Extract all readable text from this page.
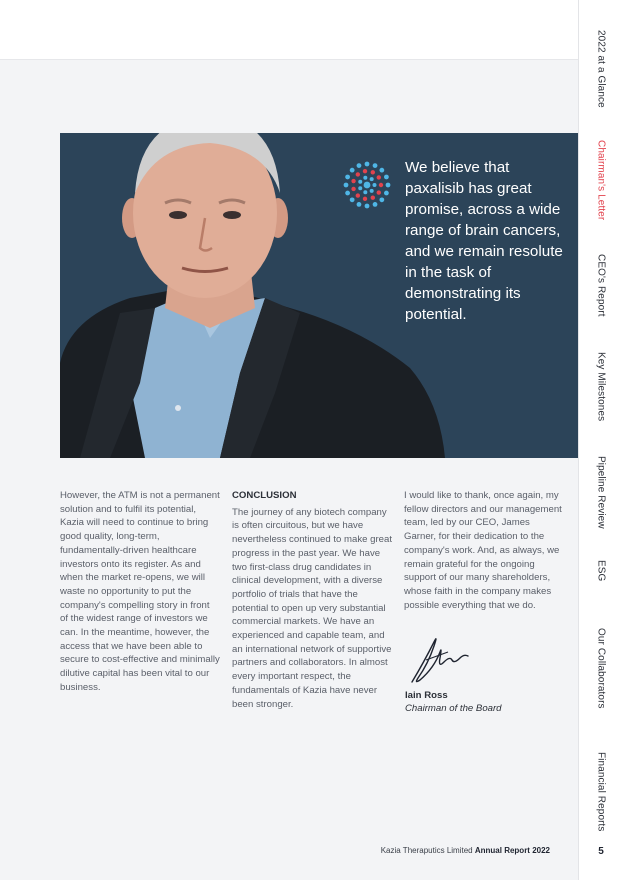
We believe that paxalisib has great promise, across a wide range of brain cancers, and we remain resolute in the task of demonstrating its potential.

However, the ATM is not a permanent solution and to fulfil its potential, Kazia will need to continue to bring good quality, long-term, fundamentally-driven healthcare investors onto its register. As and when the market re-opens, we will waste no opportunity to put the company's compelling story in front of the widest range of investors we can. In the meantime, however, the access that we have been able to secure to cost-effective and minimally dilutive capital has been vital to our business.

CONCLUSION

The journey of any biotech company is often circuitous, but we have nevertheless continued to make great progress in the past year. We have two first-class drug candidates in clinical development, with a diverse portfolio of trials that have the potential to open up very substantial commercial markets. We have an experienced and capable team, and an international network of supportive partners and collaborators. In almost every important respect, the fundamentals of Kazia have never been stronger.

I would like to thank, once again, my fellow directors and our management team, led by our CEO, James Garner, for their dedication to the company's work. And, as always, we remain grateful for the ongoing support of our many shareholders, whose faith in the company makes possible everything that we do.

Iain Ross
Chairman of the Board
Kazia Theraputics Limited Annual Report 2022
2022 at a Glance
Chairman's Letter
CEO's Report
Key Milestones
Pipeline Review
ESG
Our Collaborators
Financial Reports
5
